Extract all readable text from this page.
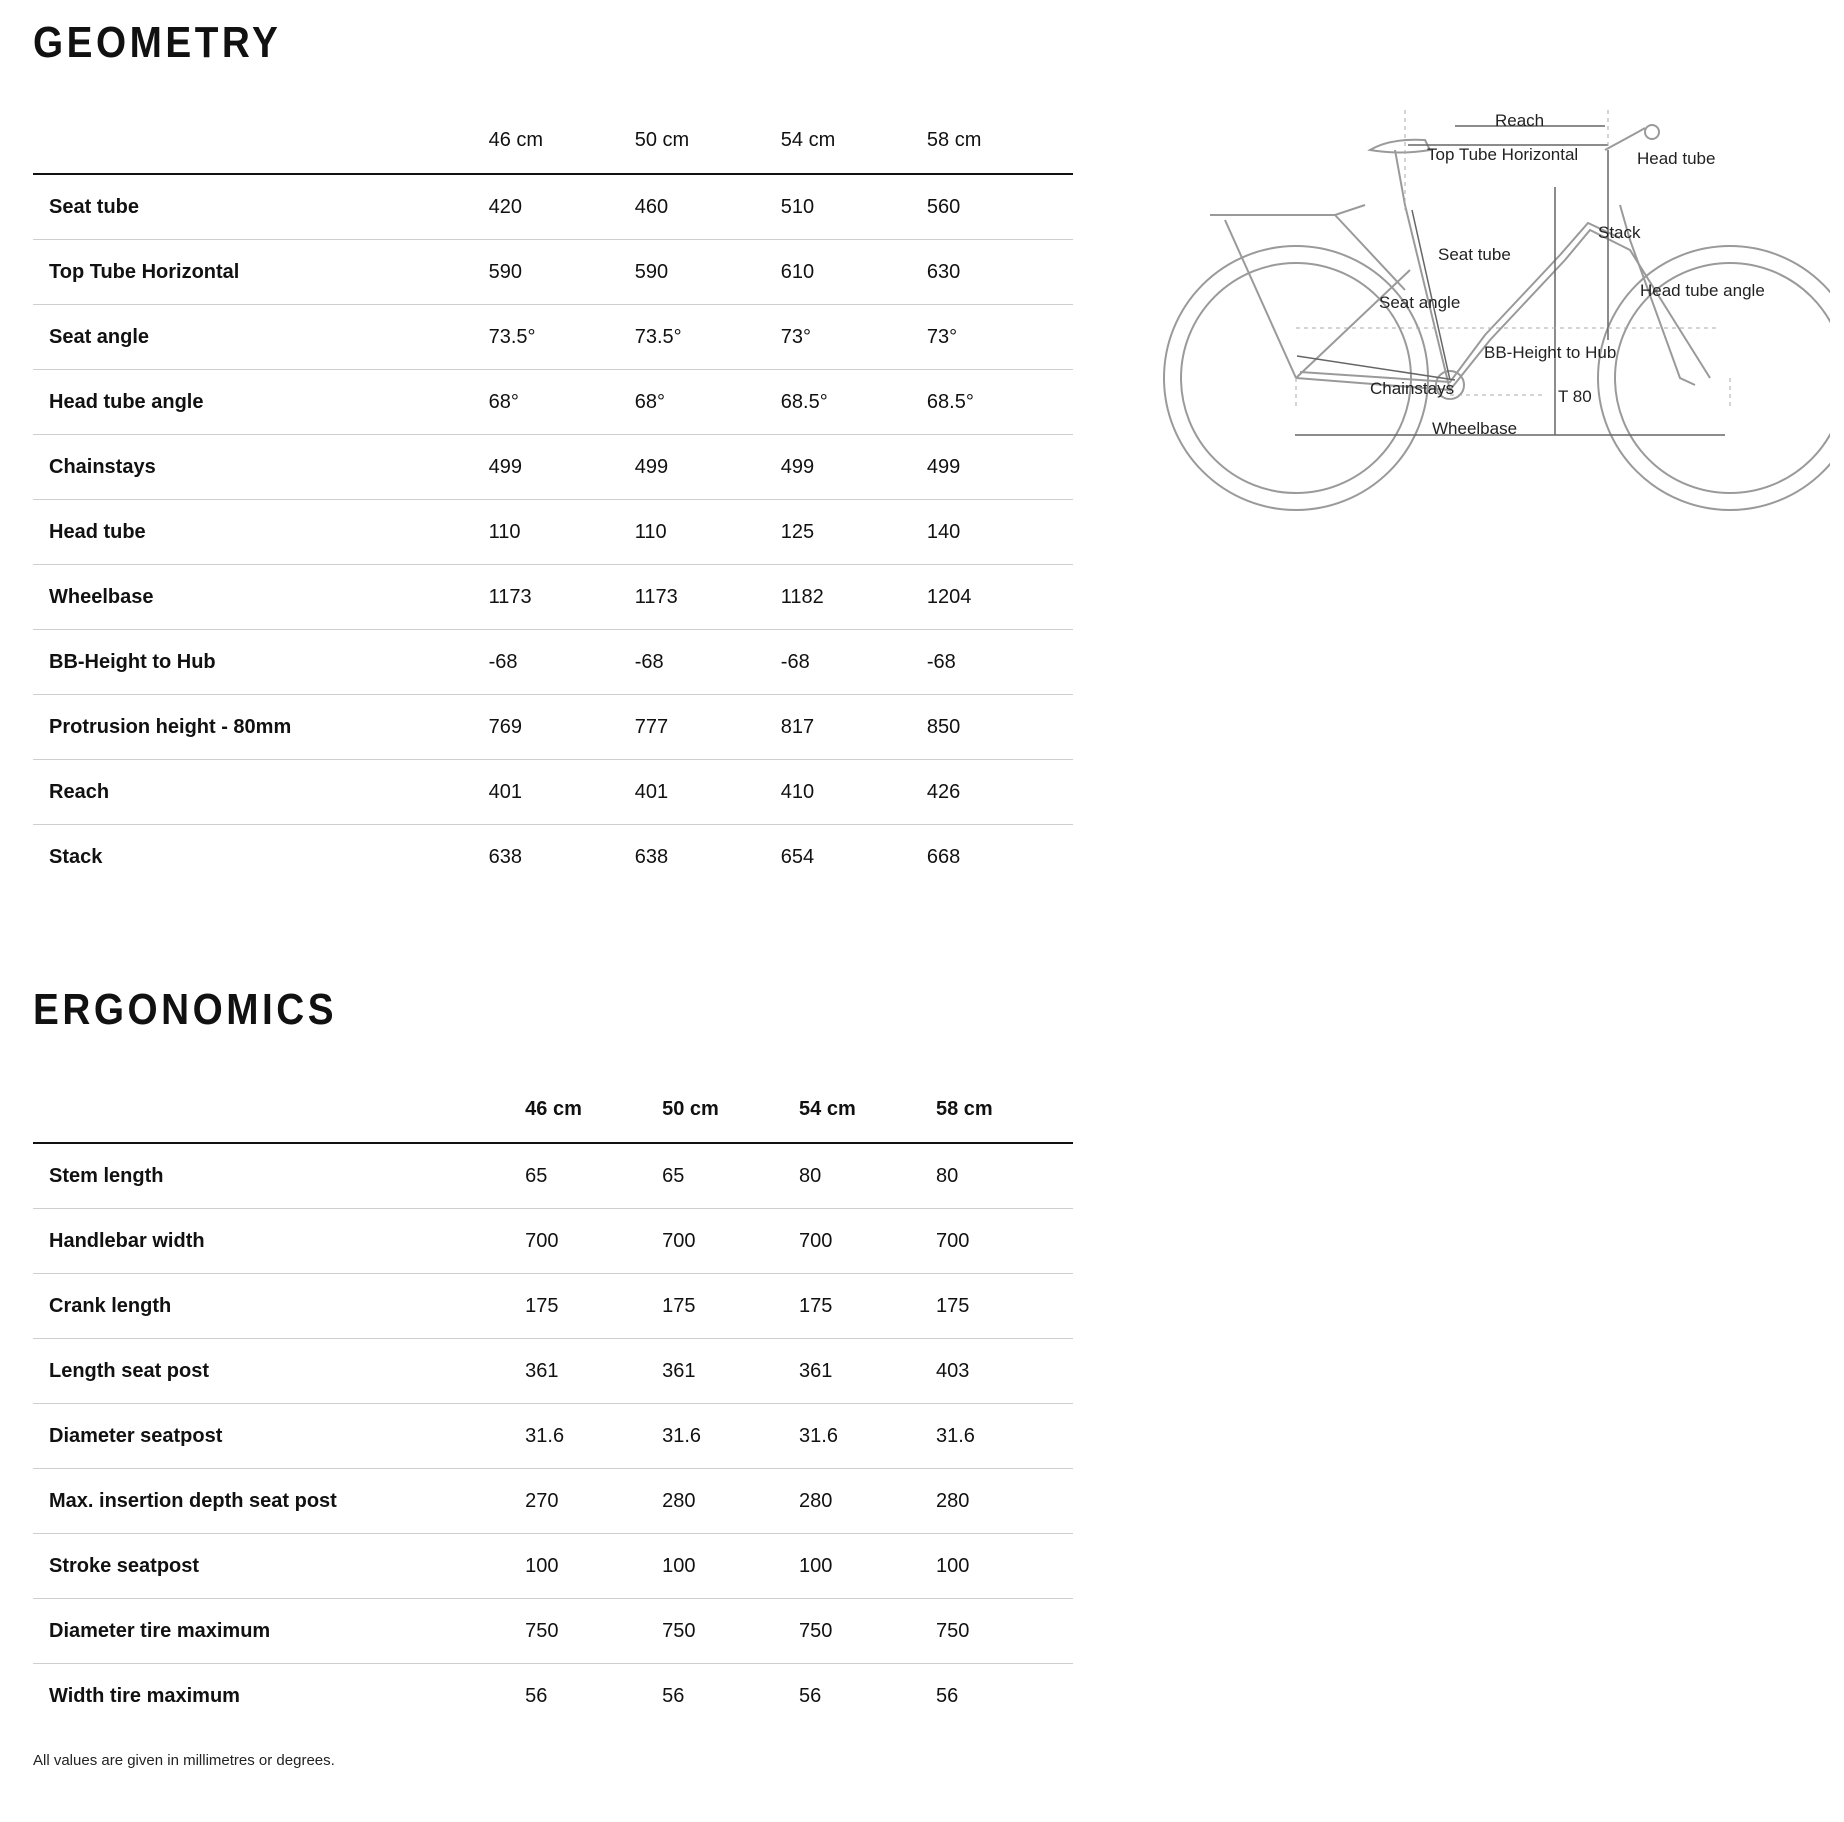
GEOMETRY
	46 cm	50 cm	54 cm	58 cm
Seat tube	420	460	510	560
Top Tube Horizontal	590	590	610	630
Seat angle	73.5°	73.5°	73°	73°
Head tube angle	68°	68°	68.5°	68.5°
Chainstays	499	499	499	499
Head tube	110	110	125	140
Wheelbase	1173	1173	1182	1204
BB-Height to Hub	-68	-68	-68	-68
Protrusion height - 80mm	769	777	817	850
Reach	401	401	410	426
Stack	638	638	654	668
Reach
Top Tube Horizontal	Head tube
Stack
Seat tube
Head tube angle
Seat angle
BB-Height to Hub
Chainstays	T 80
Wheelbase
ERGONOMICS
	46 cm	50 cm	54 cm	58 cm
Stem length	65	65	80	80
Handlebar width	700	700	700	700
Crank length	175	175	175	175
Length seat post	361	361	361	403
Diameter seatpost	31.6	31.6	31.6	31.6
Max. insertion depth seat post	270	280	280	280
Stroke seatpost	100	100	100	100
Diameter tire maximum	750	750	750	750
Width tire maximum	56	56	56	56

All values are given in millimetres or degrees.
